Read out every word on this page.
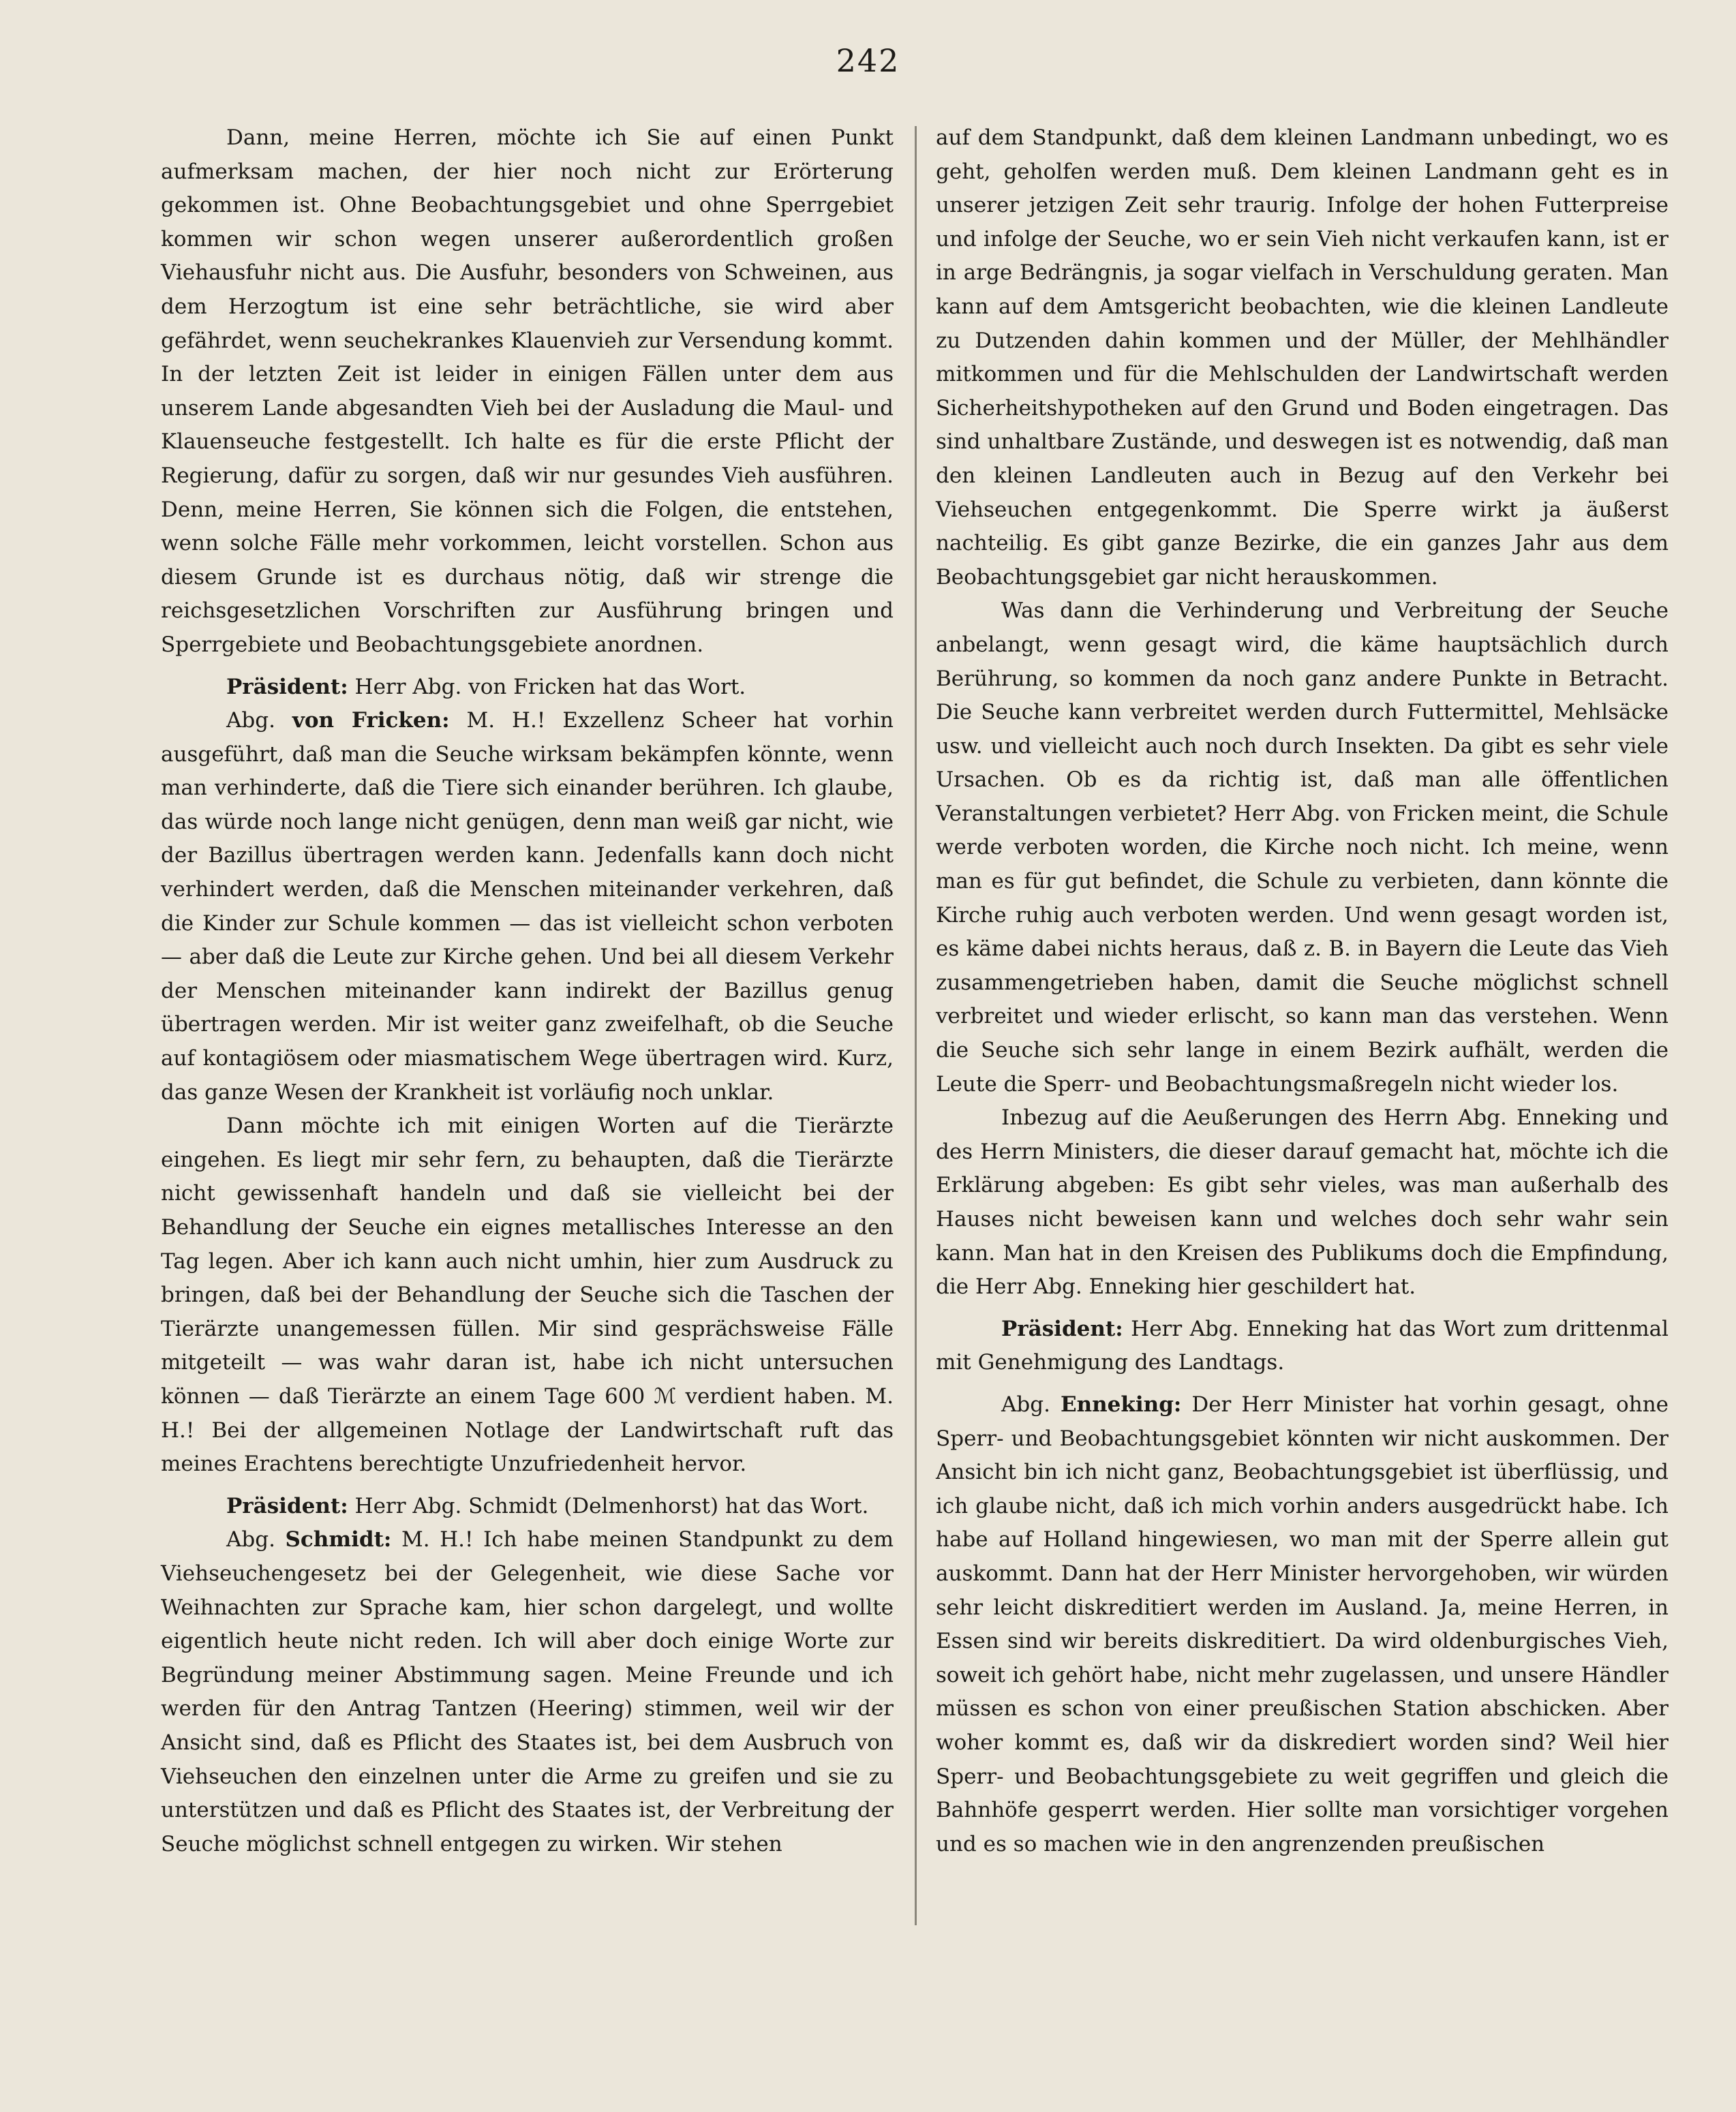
242

Dann, meine Herren, möchte ich Sie auf einen Punkt aufmerksam machen, der hier noch nicht zur Erörterung gekommen ist. Ohne Beobachtungsgebiet und ohne Sperrgebiet kommen wir schon wegen unserer außerordentlich großen Viehausfuhr nicht aus. Die Ausfuhr, besonders von Schweinen, aus dem Herzogtum ist eine sehr beträchtliche, sie wird aber gefährdet, wenn seuchekrankes Klauenvieh zur Versendung kommt. In der letzten Zeit ist leider in einigen Fällen unter dem aus unserem Lande abgesandten Vieh bei der Ausladung die Maul- und Klauenseuche festgestellt. Ich halte es für die erste Pflicht der Regierung, dafür zu sorgen, daß wir nur gesundes Vieh ausführen. Denn, meine Herren, Sie können sich die Folgen, die entstehen, wenn solche Fälle mehr vorkommen, leicht vorstellen. Schon aus diesem Grunde ist es durchaus nötig, daß wir strenge die reichsgesetzlichen Vorschriften zur Ausführung bringen und Sperrgebiete und Beobachtungsgebiete anordnen.

Präsident: Herr Abg. von Fricken hat das Wort.

Abg. von Fricken: M. H.! Exzellenz Scheer hat vorhin ausgeführt, daß man die Seuche wirksam bekämpfen könnte, wenn man verhinderte, daß die Tiere sich einander berühren. Ich glaube, das würde noch lange nicht genügen, denn man weiß gar nicht, wie der Bazillus übertragen werden kann. Jedenfalls kann doch nicht verhindert werden, daß die Menschen miteinander verkehren, daß die Kinder zur Schule kommen — das ist vielleicht schon verboten — aber daß die Leute zur Kirche gehen. Und bei all diesem Verkehr der Menschen miteinander kann indirekt der Bazillus genug übertragen werden. Mir ist weiter ganz zweifelhaft, ob die Seuche auf kontagiösem oder miasmatischem Wege übertragen wird. Kurz, das ganze Wesen der Krankheit ist vorläufig noch unklar.

Dann möchte ich mit einigen Worten auf die Tierärzte eingehen. Es liegt mir sehr fern, zu behaupten, daß die Tierärzte nicht gewissenhaft handeln und daß sie vielleicht bei der Behandlung der Seuche ein eignes metallisches Interesse an den Tag legen. Aber ich kann auch nicht umhin, hier zum Ausdruck zu bringen, daß bei der Behandlung der Seuche sich die Taschen der Tierärzte unangemessen füllen. Mir sind gesprächsweise Fälle mitgeteilt — was wahr daran ist, habe ich nicht untersuchen können — daß Tierärzte an einem Tage 600 ℳ verdient haben. M. H.! Bei der allgemeinen Notlage der Landwirtschaft ruft das meines Erachtens berechtigte Unzufriedenheit hervor.

Präsident: Herr Abg. Schmidt (Delmenhorst) hat das Wort.

Abg. Schmidt: M. H.! Ich habe meinen Standpunkt zu dem Viehseuchengesetz bei der Gelegenheit, wie diese Sache vor Weihnachten zur Sprache kam, hier schon dargelegt, und wollte eigentlich heute nicht reden. Ich will aber doch einige Worte zur Begründung meiner Abstimmung sagen. Meine Freunde und ich werden für den Antrag Tantzen (Heering) stimmen, weil wir der Ansicht sind, daß es Pflicht des Staates ist, bei dem Ausbruch von Viehseuchen den einzelnen unter die Arme zu greifen und sie zu unterstützen und daß es Pflicht des Staates ist, der Verbreitung der Seuche möglichst schnell entgegen zu wirken. Wir stehen

auf dem Standpunkt, daß dem kleinen Landmann unbedingt, wo es geht, geholfen werden muß. Dem kleinen Landmann geht es in unserer jetzigen Zeit sehr traurig. Infolge der hohen Futterpreise und infolge der Seuche, wo er sein Vieh nicht verkaufen kann, ist er in arge Bedrängnis, ja sogar vielfach in Verschuldung geraten. Man kann auf dem Amtsgericht beobachten, wie die kleinen Landleute zu Dutzenden dahin kommen und der Müller, der Mehlhändler mitkommen und für die Mehlschulden der Landwirtschaft werden Sicherheitshypotheken auf den Grund und Boden eingetragen. Das sind unhaltbare Zustände, und deswegen ist es notwendig, daß man den kleinen Landleuten auch in Bezug auf den Verkehr bei Viehseuchen entgegenkommt. Die Sperre wirkt ja äußerst nachteilig. Es gibt ganze Bezirke, die ein ganzes Jahr aus dem Beobachtungsgebiet gar nicht herauskommen.

Was dann die Verhinderung und Verbreitung der Seuche anbelangt, wenn gesagt wird, die käme hauptsächlich durch Berührung, so kommen da noch ganz andere Punkte in Betracht. Die Seuche kann verbreitet werden durch Futtermittel, Mehlsäcke usw. und vielleicht auch noch durch Insekten. Da gibt es sehr viele Ursachen. Ob es da richtig ist, daß man alle öffentlichen Veranstaltungen verbietet? Herr Abg. von Fricken meint, die Schule werde verboten worden, die Kirche noch nicht. Ich meine, wenn man es für gut befindet, die Schule zu verbieten, dann könnte die Kirche ruhig auch verboten werden. Und wenn gesagt worden ist, es käme dabei nichts heraus, daß z. B. in Bayern die Leute das Vieh zusammengetrieben haben, damit die Seuche möglichst schnell verbreitet und wieder erlischt, so kann man das verstehen. Wenn die Seuche sich sehr lange in einem Bezirk aufhält, werden die Leute die Sperr- und Beobachtungsmaßregeln nicht wieder los.

Inbezug auf die Aeußerungen des Herrn Abg. Enneking und des Herrn Ministers, die dieser darauf gemacht hat, möchte ich die Erklärung abgeben: Es gibt sehr vieles, was man außerhalb des Hauses nicht beweisen kann und welches doch sehr wahr sein kann. Man hat in den Kreisen des Publikums doch die Empfindung, die Herr Abg. Enneking hier geschildert hat.

Präsident: Herr Abg. Enneking hat das Wort zum drittenmal mit Genehmigung des Landtags.

Abg. Enneking: Der Herr Minister hat vorhin gesagt, ohne Sperr- und Beobachtungsgebiet könnten wir nicht auskommen. Der Ansicht bin ich nicht ganz, Beobachtungsgebiet ist überflüssig, und ich glaube nicht, daß ich mich vorhin anders ausgedrückt habe. Ich habe auf Holland hingewiesen, wo man mit der Sperre allein gut auskommt. Dann hat der Herr Minister hervorgehoben, wir würden sehr leicht diskreditiert werden im Ausland. Ja, meine Herren, in Essen sind wir bereits diskreditiert. Da wird oldenburgisches Vieh, soweit ich gehört habe, nicht mehr zugelassen, und unsere Händler müssen es schon von einer preußischen Station abschicken. Aber woher kommt es, daß wir da diskrediert worden sind? Weil hier Sperr- und Beobachtungsgebiete zu weit gegriffen und gleich die Bahnhöfe gesperrt werden. Hier sollte man vorsichtiger vorgehen und es so machen wie in den angrenzenden preußischen
